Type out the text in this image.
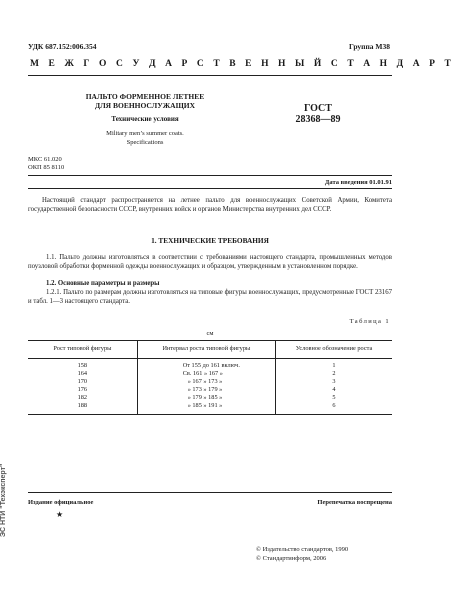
УДК 687.152:006.354	Группа М38
М Е Ж Г О С У Д А Р С Т В Е Н Н Ы Й С Т А Н Д А Р Т
ПАЛЬТО ФОРМЕННОЕ ЛЕТНЕЕ
ДЛЯ ВОЕННОСЛУЖАЩИХ
Технические условия
Military men’s summer coats.
Specifications
ГОСТ
28368—89
МКС 61.020
ОКП 85 8110
Дата введения 01.01.91
Настоящий стандарт распространяется на летнее пальто для военнослужащих Советской Армии, Комитета государственной безопасности СССР, внутренних войск и органов Министерства внутренних дел СССР.
1. ТЕХНИЧЕСКИЕ ТРЕБОВАНИЯ
1.1. Пальто должны изготовляться в соответствии с требованиями настоящего стандарта, промышленных методов поузловой обработки форменной одежды военнослужащих и образцом, утвержденным в установленном порядке.
1.2. Основные параметры и размеры
1.2.1. Пальто по размерам должны изготовляться на типовые фигуры военнослужащих, предусмотренные ГОСТ 23167 и табл. 1—3 настоящего стандарта.
Таблица 1
см
Рост типовой фигуры	Интервал роста типовой фигуры	Условное обозначение роста
158	От 155 до 161 включ.	1
164	Св. 161 » 167 »	2
170	» 167 » 173 »	3
176	» 173 » 179 »	4
182	» 179 » 185 »	5
188	» 185 » 191 »	6
Издание официальное	Перепечатка воспрещена
★
© Издательство стандартов, 1990
© Стандартинформ, 2006
ЭС НТИ "Техэксперт"
